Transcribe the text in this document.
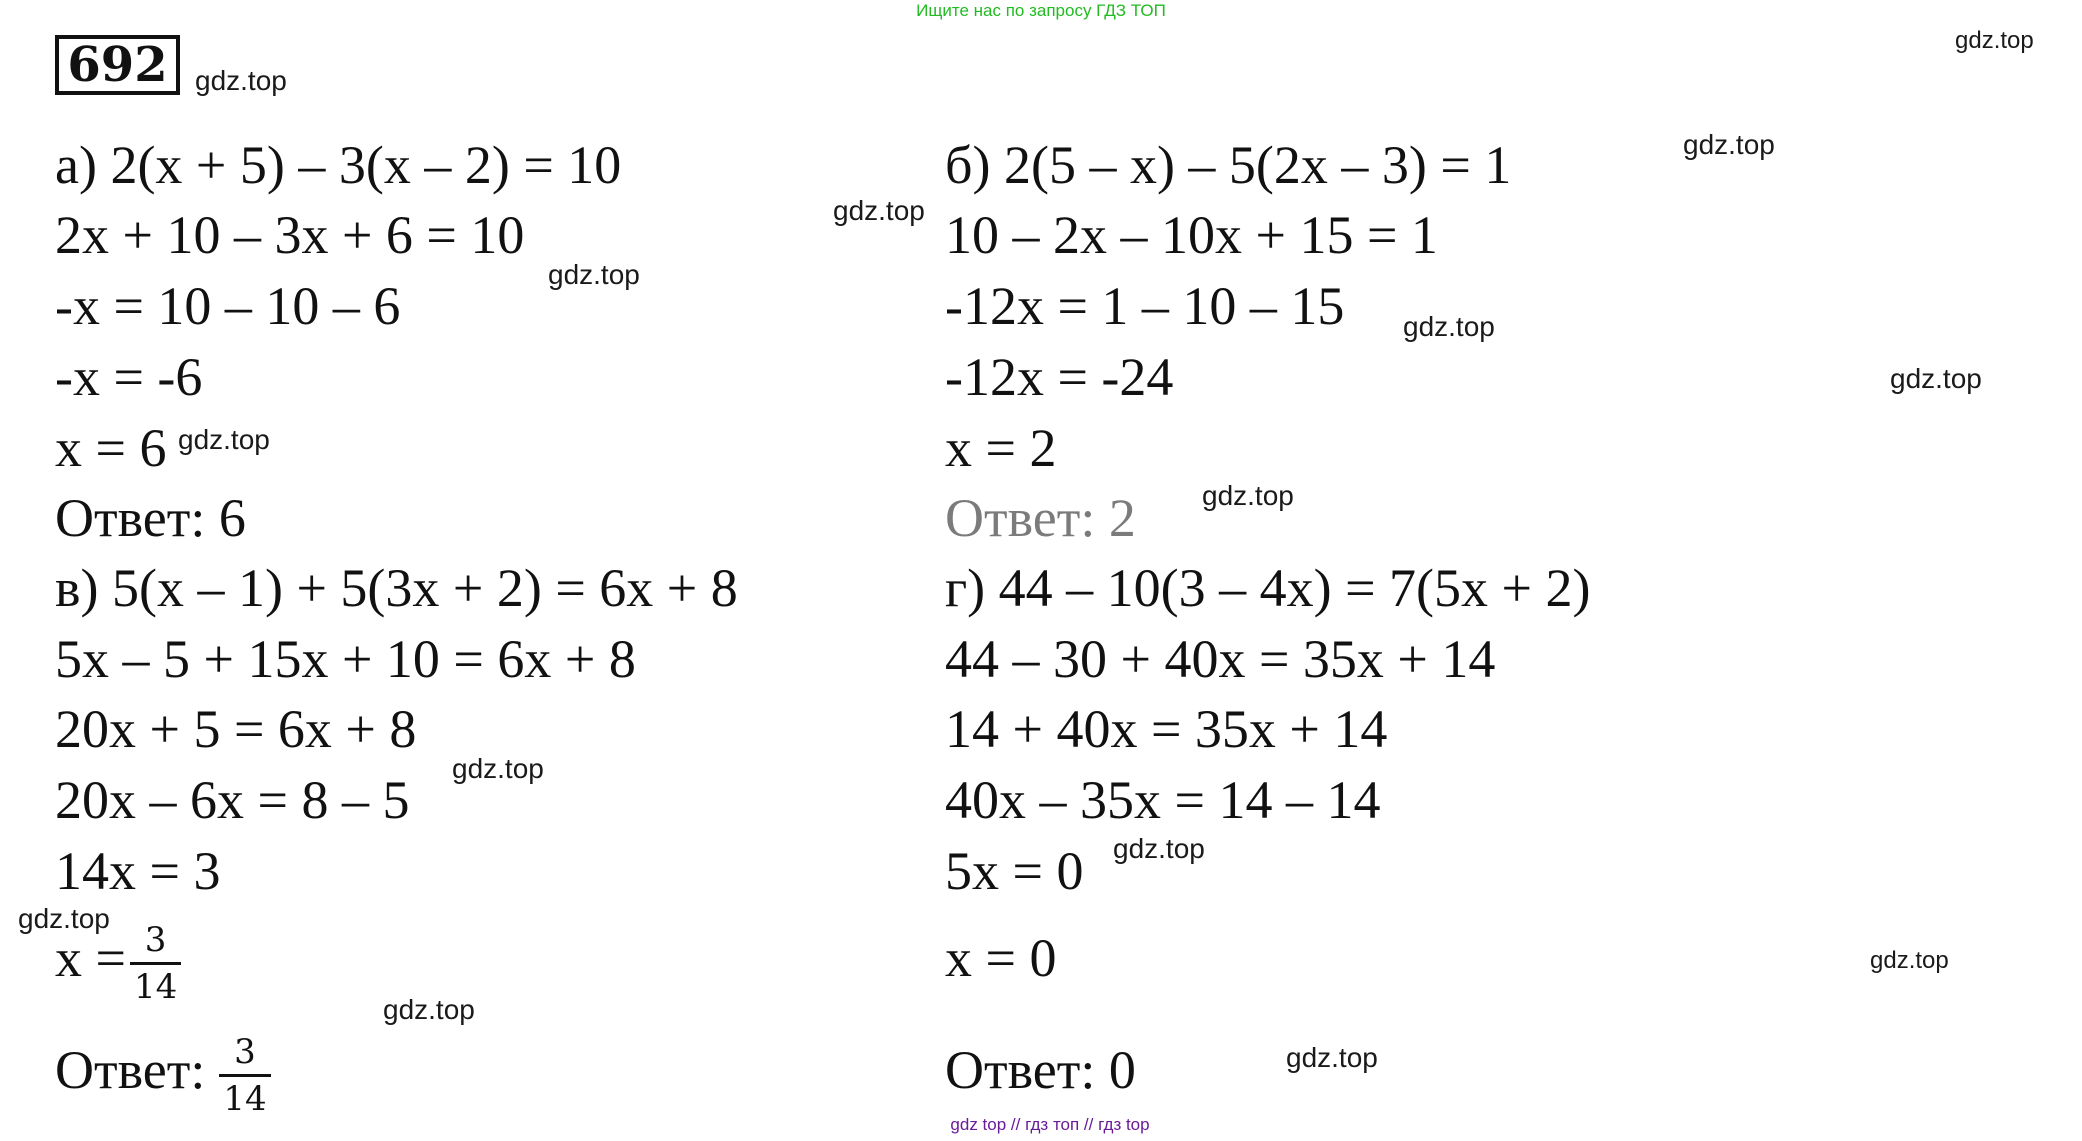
Ищите нас по запросу ГДЗ ТОП
692
а) 2(x + 5) – 3(x – 2) = 10
2x + 10 – 3x + 6 = 10
-x = 10 – 10 – 6
-x = -6
x = 6
Ответ: 6
в) 5(x – 1) + 5(3x + 2) = 6x + 8
5x – 5 + 15x + 10 = 6x + 8
20x + 5 = 6x + 8
20x – 6x = 8 – 5
14x = 3
$x = \frac{3}{14}$
Ответ: $\frac{3}{14}$
б) 2(5 – x) – 5(2x – 3) = 1
10 – 2x – 10x + 15 = 1
-12x = 1 – 10 – 15
-12x = -24
x = 2
Ответ: 2
г) 44 – 10(3 – 4x) = 7(5x + 2)
44 – 30 + 40x = 35x + 14
14 + 40x = 35x + 14
40x – 35x = 14 – 14
5x = 0
x = 0
Ответ: 0
gdz.top
gdz.top
gdz.top
gdz.top
gdz.top
gdz.top
gdz.top
gdz.top
gdz.top
gdz.top
gdz.top
gdz.top
gdz.top
gdz.top
gdz.top
gdz top // гдз топ // гдз top
